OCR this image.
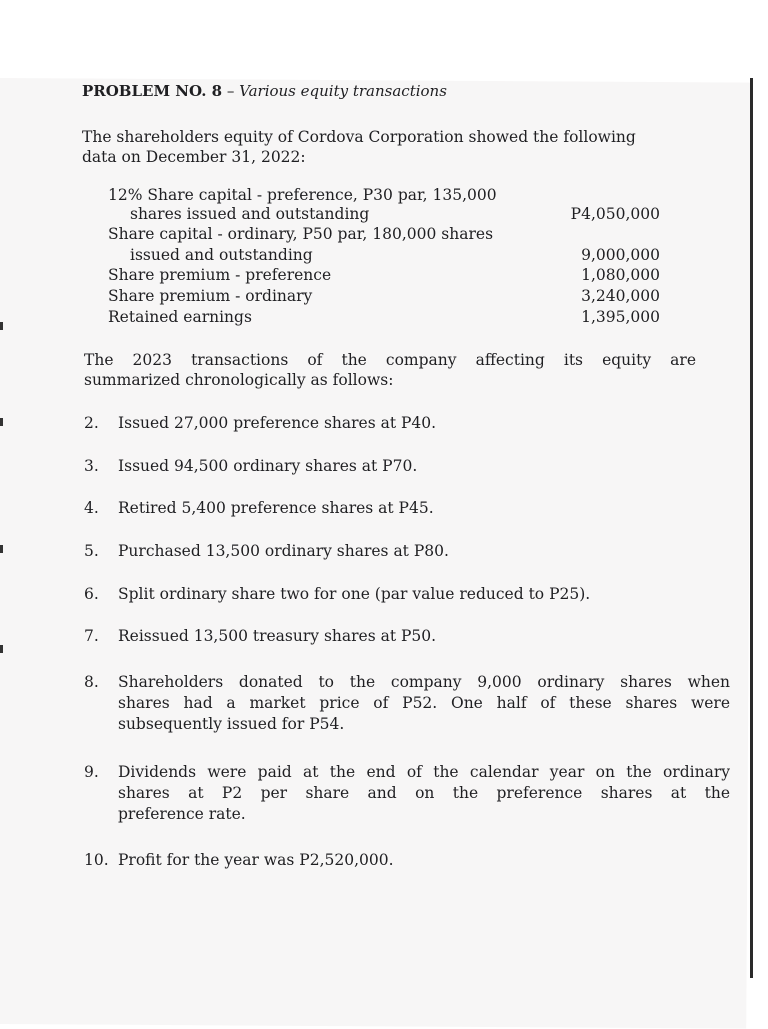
PROBLEM NO. 8 – Various equity transactions
The shareholders equity of Cordova Corporation showed the following
data on December 31, 2022:
12% Share capital - preference, P30 par, 135,000
shares issued and outstanding	P4,050,000
Share capital - ordinary, P50 par, 180,000 shares
issued and outstanding	9,000,000
Share premium - preference	1,080,000
Share premium - ordinary	3,240,000
Retained earnings	1,395,000
The 2023 transactions of the company affecting its equity are
summarized chronologically as follows:
2.	Issued 27,000 preference shares at P40.
3.	Issued 94,500 ordinary shares at P70.
4.	Retired 5,400 preference shares at P45.
5.	Purchased 13,500 ordinary shares at P80.
6.	Split ordinary share two for one (par value reduced to P25).
7.	Reissued 13,500 treasury shares at P50.
8.	Shareholders donated to the company 9,000 ordinary shares when
shares had a market price of P52. One half of these shares were
subsequently issued for P54.
9.	Dividends were paid at the end of the calendar year on the ordinary
shares at P2 per share and on the preference shares at the
preference rate.
10. Profit for the year was P2,520,000.
